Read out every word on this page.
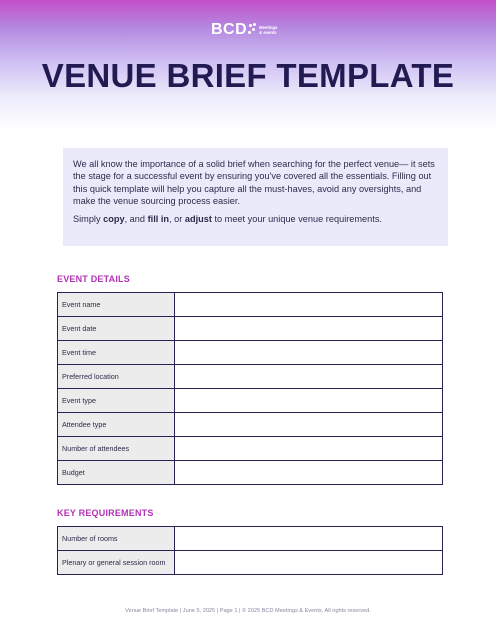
BCD	Meetings
& events
VENUE BRIEF TEMPLATE

We all know the importance of a solid brief when searching for the perfect venue— it sets the stage for a successful event by ensuring you've covered all the essentials. Filling out this quick template will help you capture all the must-haves, avoid any oversights, and make the venue sourcing process easier.

Simply copy, and fill in, or adjust to meet your unique venue requirements.

EVENT DETAILS
Event name	
Event date	
Event time	
Preferred location	
Event type	
Attendee type	
Number of attendees	
Budget	
KEY REQUIREMENTS
Number of rooms	
Plenary or general session room	
Venue Brief Template | June 5, 2025 | Page 1 | © 2025 BCD Meetings & Events. All rights reserved.
